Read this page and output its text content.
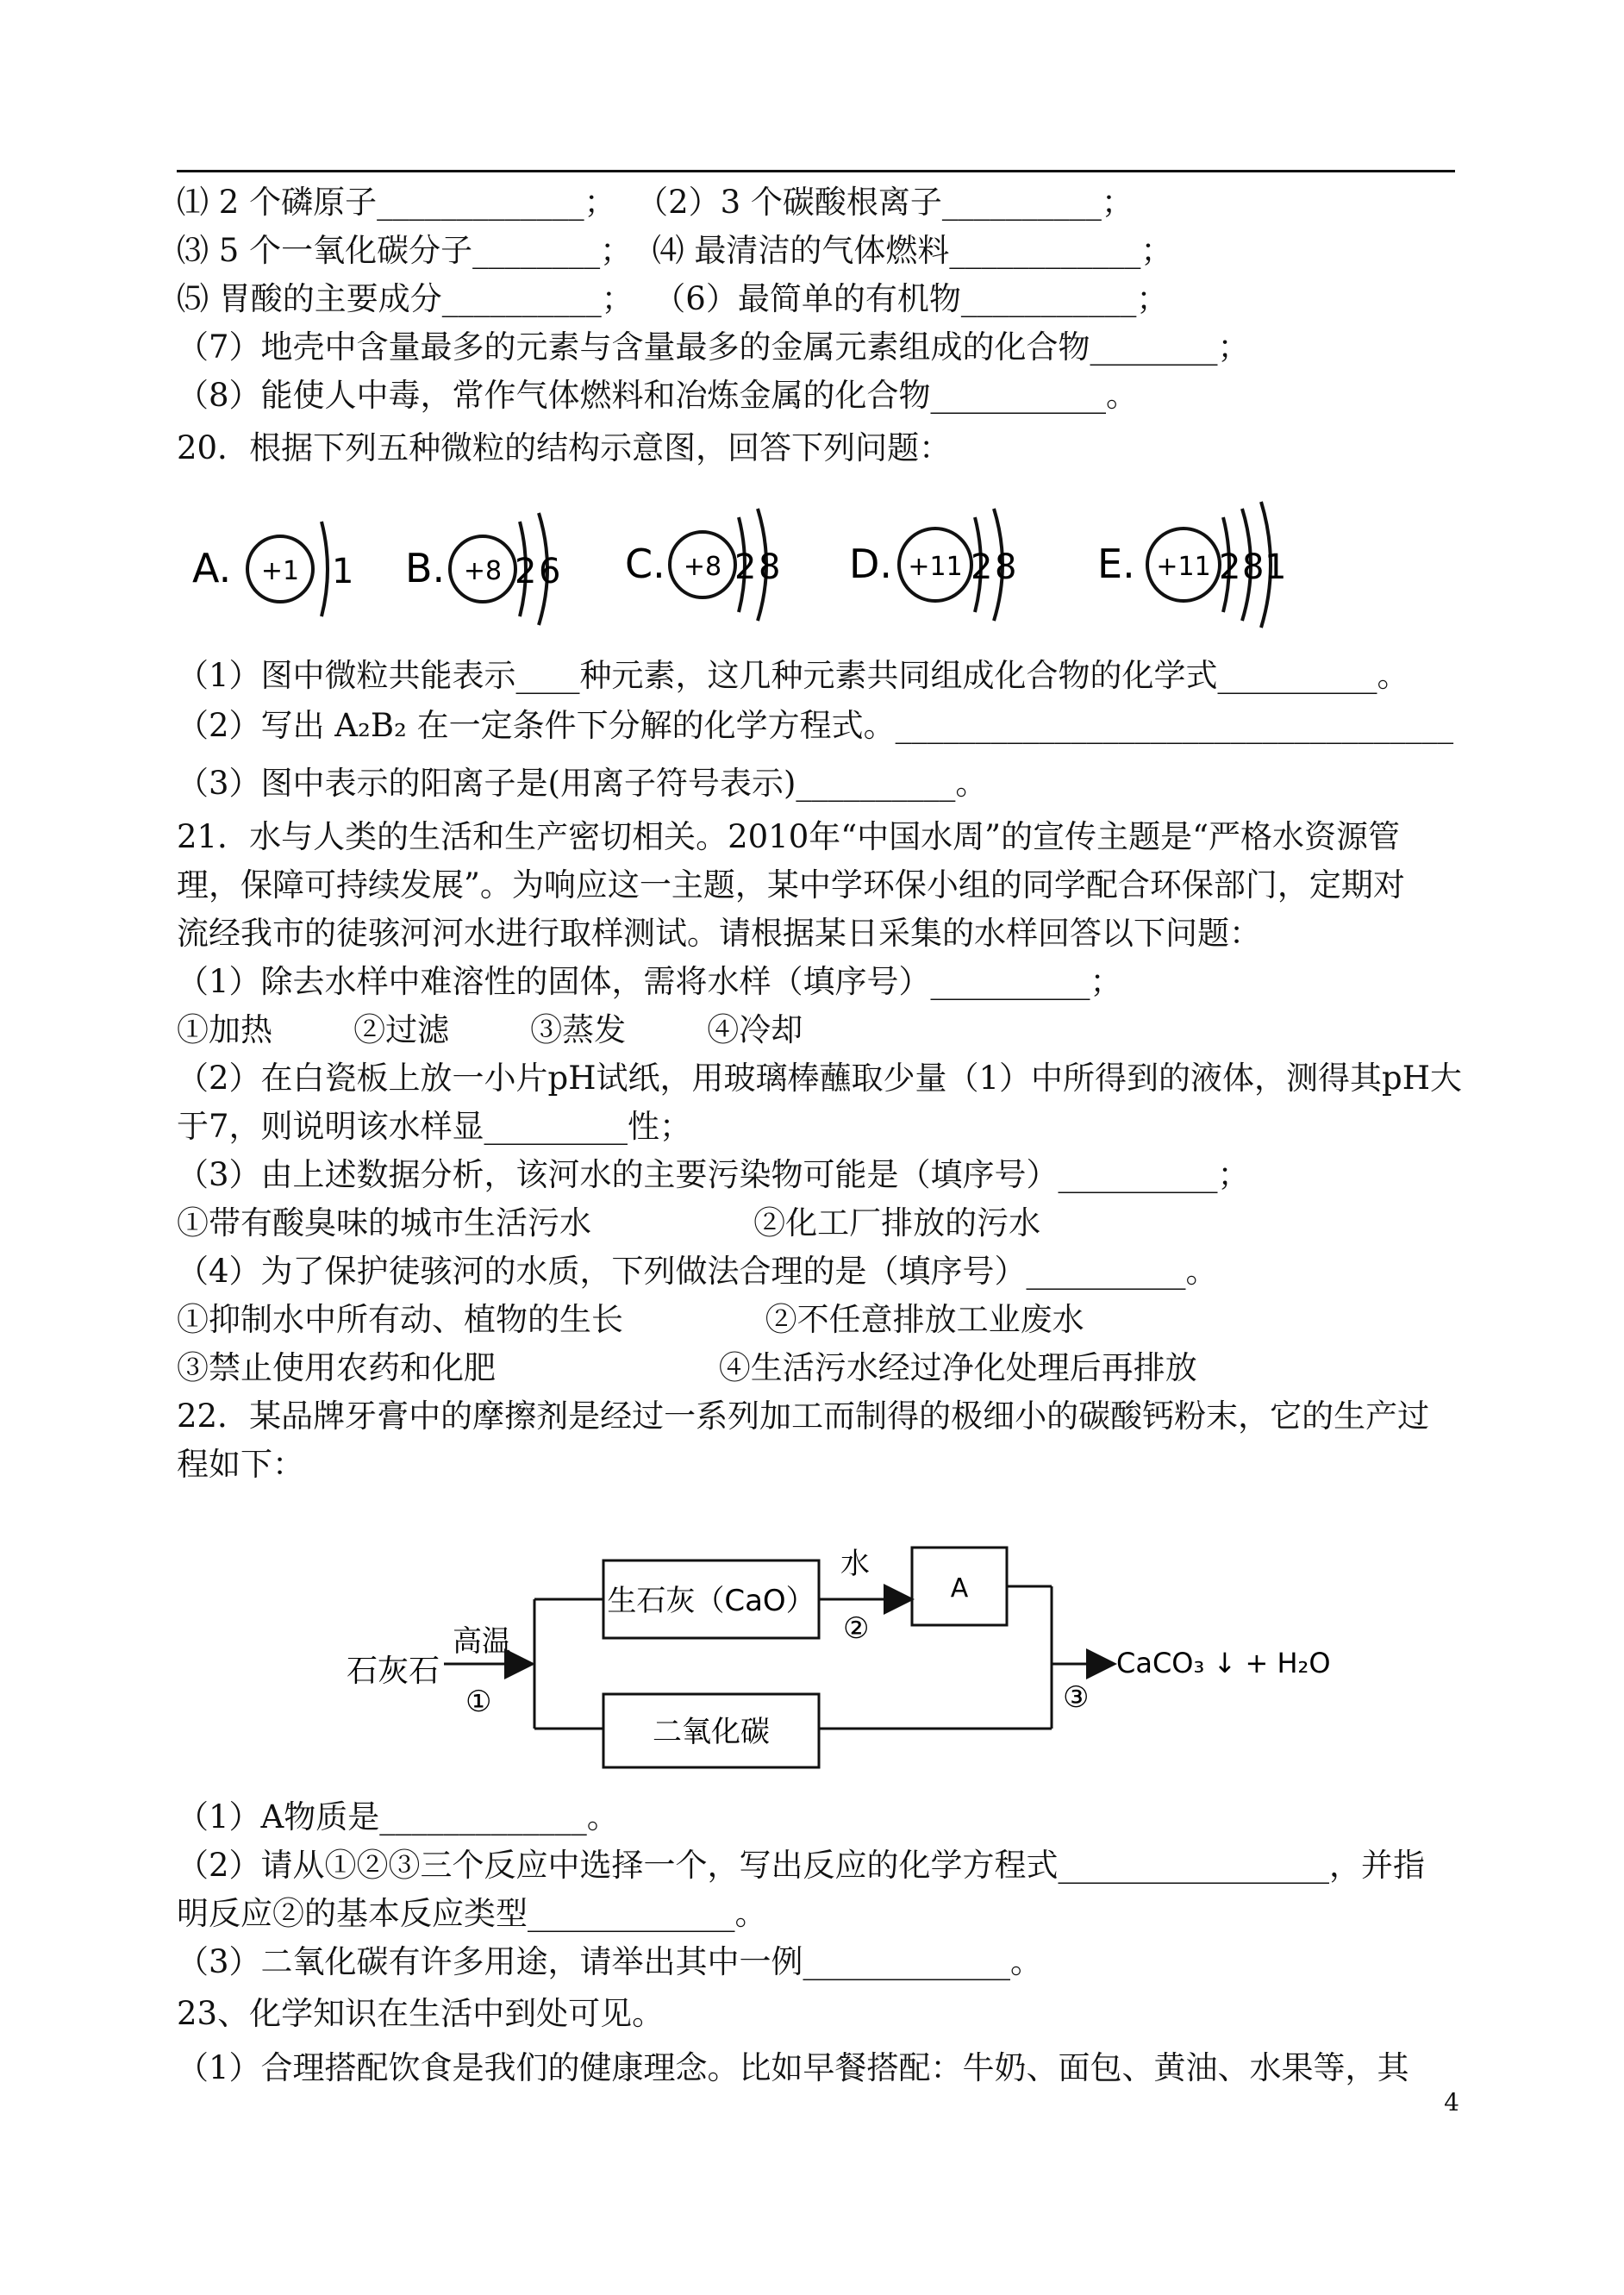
⑴ 2 个磷原子_____________；  （2）3 个碳酸根离子__________；
⑶ 5 个一氧化碳分子________；  ⑷ 最清洁的气体燃料____________；
⑸ 胃酸的主要成分__________；  （6）最简单的有机物___________；
（7）地壳中含量最多的元素与含量最多的金属元素组成的化合物________；
（8）能使人中毒，常作气体燃料和冶炼金属的化合物___________。
20．根据下列五种微粒的结构示意图，回答下列问题：
A. +1 1 B. +8 2 6 C. +8 2 8 D. +11 2 8 E. +11 2 8 1
（1）图中微粒共能表示____种元素，这几种元素共同组成化合物的化学式__________。
（2）写出 A₂B₂ 在一定条件下分解的化学方程式。___________________________________
（3）图中表示的阳离子是(用离子符号表示)__________。
21．水与人类的生活和生产密切相关。2010年“中国水周”的宣传主题是“严格水资源管
理，保障可持续发展”。为响应这一主题，某中学环保小组的同学配合环保部门，定期对
流经我市的徒骇河河水进行取样测试。请根据某日采集的水样回答以下问题：
（1）除去水样中难溶性的固体，需将水样（填序号）__________；
①加热        ②过滤        ③蒸发        ④冷却
（2）在白瓷板上放一小片pH试纸，用玻璃棒蘸取少量（1）中所得到的液体，测得其pH大
于7，则说明该水样显_________性；
（3）由上述数据分析，该河水的主要污染物可能是（填序号）__________；
①带有酸臭味的城市生活污水                ②化工厂排放的污水
（4）为了保护徒骇河的水质，下列做法合理的是（填序号）__________。
①抑制水中所有动、植物的生长              ②不任意排放工业废水
③禁止使用农药和化肥                      ④生活污水经过净化处理后再排放
22．某品牌牙膏中的摩擦剂是经过一系列加工而制得的极细小的碳酸钙粉末，它的生产过
程如下：
石灰石
高温
①
生石灰（CaO）
水
②
A
二氧化碳
③
CaCO₃ ↓ + H₂O
（1）A物质是_____________。
（2）请从①②③三个反应中选择一个，写出反应的化学方程式_________________，并指
明反应②的基本反应类型_____________。
（3）二氧化碳有许多用途，请举出其中一例_____________。
23、化学知识在生活中到处可见。
（1）合理搭配饮食是我们的健康理念。比如早餐搭配：牛奶、面包、黄油、水果等，其
4
